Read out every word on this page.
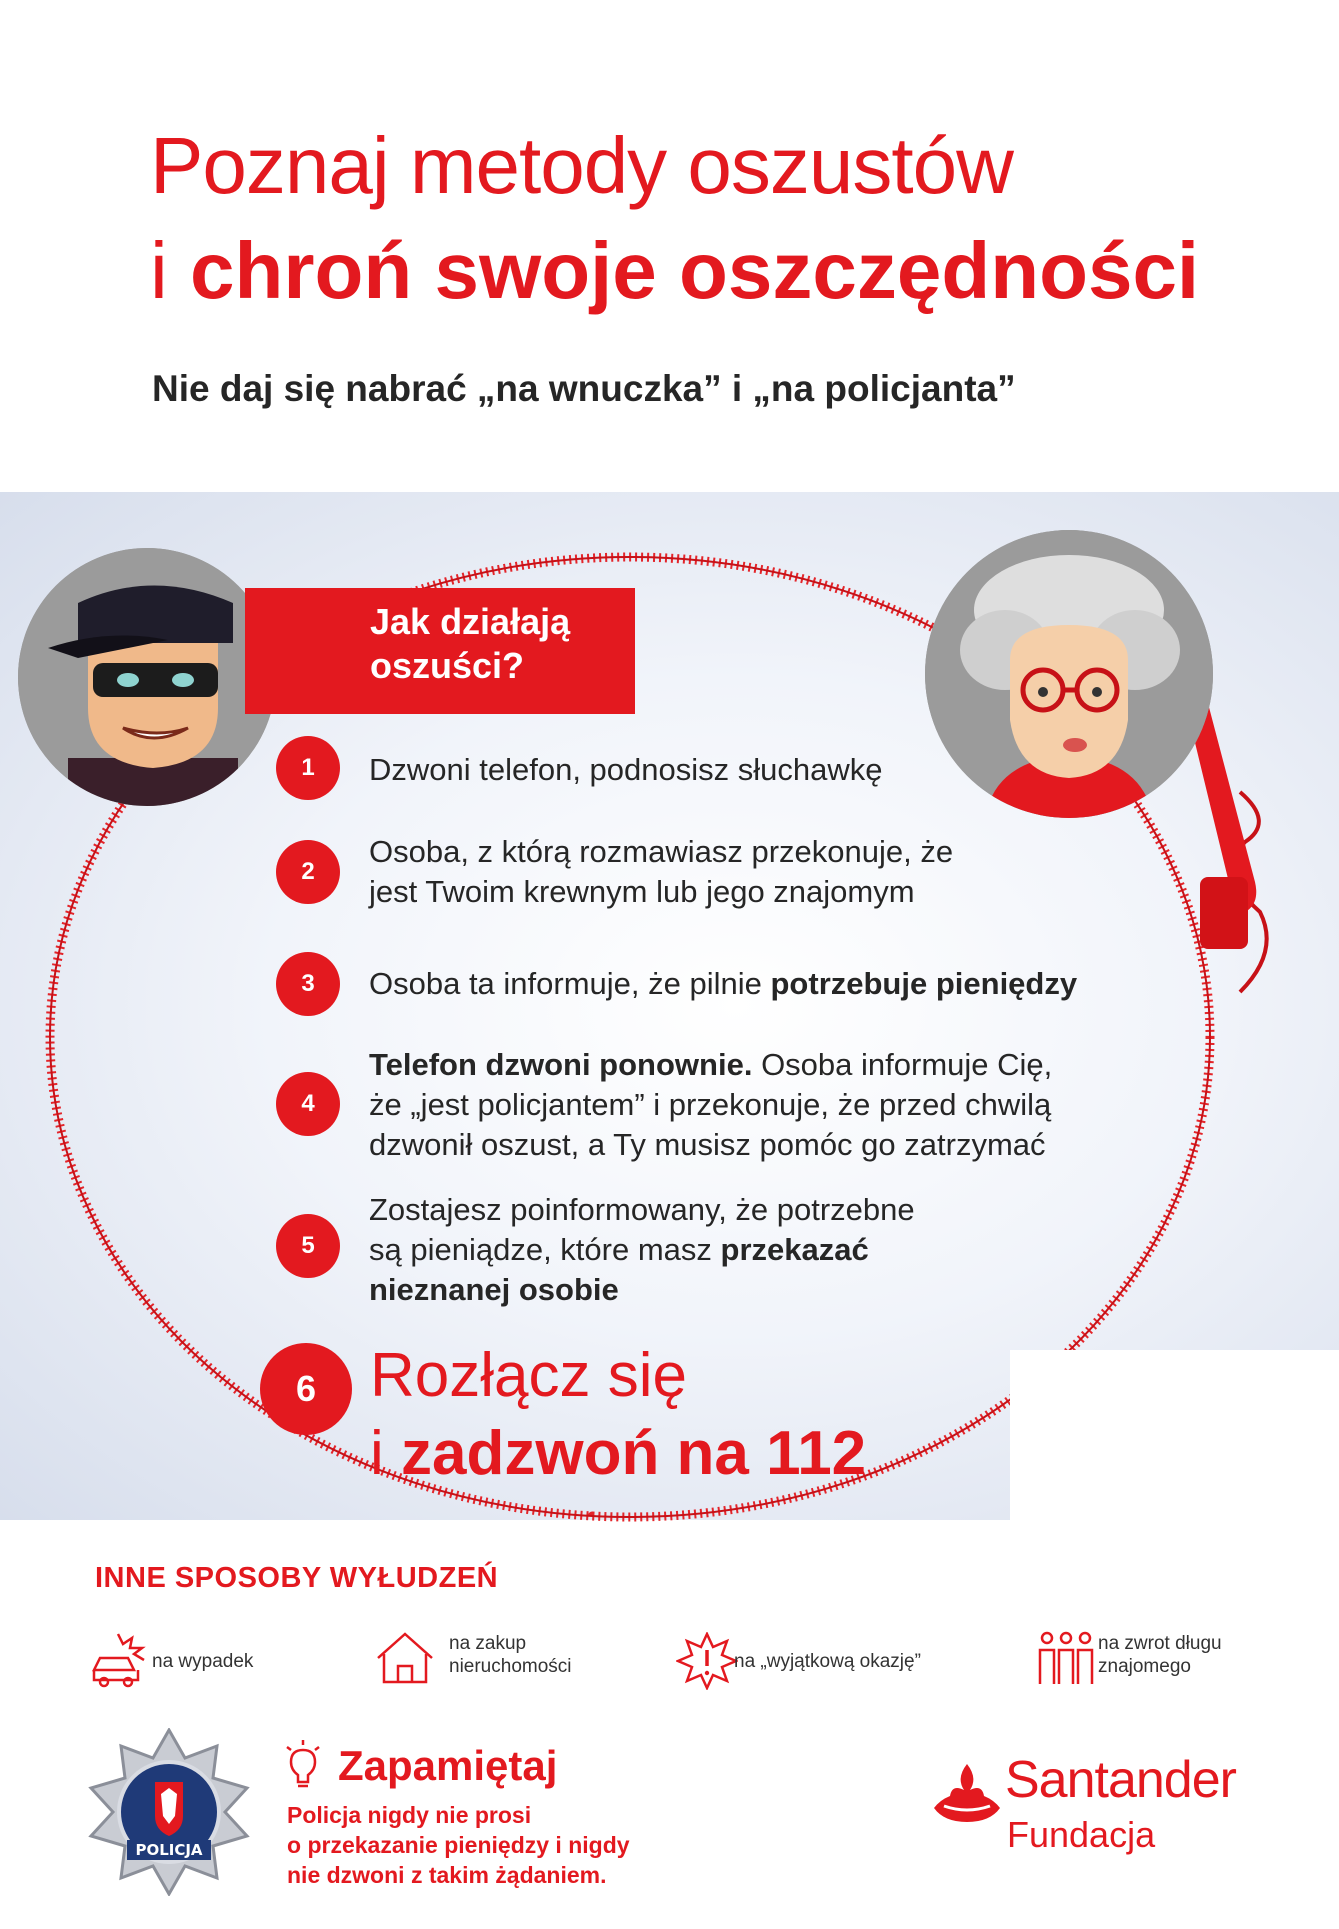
Poznaj metody oszustów
i chroń swoje oszczędności
Nie daj się nabrać „na wnuczka” i „na policjanta”
Jak działają
oszuści?
1	Dzwoni telefon, podnosisz słuchawkę
2
Osoba, z którą rozmawiasz przekonuje, że
jest Twoim krewnym lub jego znajomym
3	Osoba ta informuje, że pilnie potrzebuje pieniędzy
4
Telefon dzwoni ponownie. Osoba informuje Cię,
że „jest policjantem” i przekonuje, że przed chwilą
dzwonił oszust, a Ty musisz pomóc go zatrzymać
5
Zostajesz poinformowany, że potrzebne
są pieniądze, które masz przekazać
nieznanej osobie
6 Rozłącz się
i zadzwoń na 112
INNE SPOSOBY WYŁUDZEŃ
na wypadek
na zakup
nieruchomości	na „wyjątkową okazję”
na zwrot długu
znajomego
POLICJA
Zapamiętaj
Policja nigdy nie prosi
o przekazanie pieniędzy i nigdy
nie dzwoni z takim żądaniem.
Santander
Fundacja
